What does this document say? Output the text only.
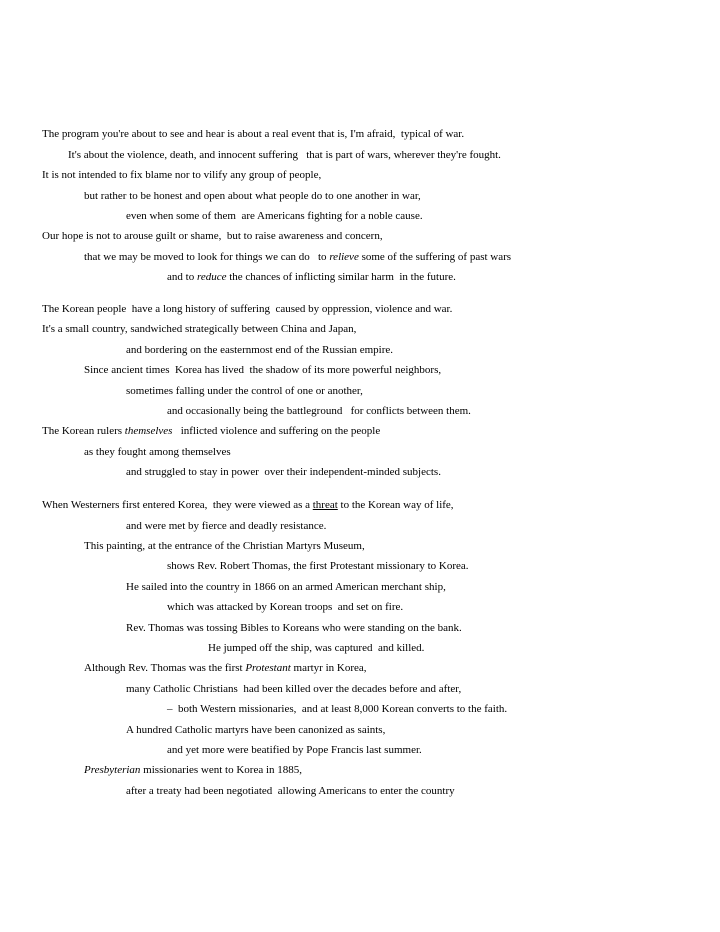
The program you're about to see and hear is about a real event that is, I'm afraid,  typical of war.
It's about the violence, death, and innocent suffering   that is part of wars, wherever they're fought.
It is not intended to fix blame nor to vilify any group of people,
but rather to be honest and open about what people do to one another in war,
even when some of them  are Americans fighting for a noble cause.
Our hope is not to arouse guilt or shame,  but to raise awareness and concern,
that we may be moved to look for things we can do   to relieve some of the suffering of past wars
and to reduce the chances of inflicting similar harm  in the future.
The Korean people  have a long history of suffering  caused by oppression, violence and war.
It's a small country, sandwiched strategically between China and Japan,
and bordering on the easternmost end of the Russian empire.
Since ancient times  Korea has lived  the shadow of its more powerful neighbors,
sometimes falling under the control of one or another,
and occasionally being the battleground   for conflicts between them.
The Korean rulers themselves   inflicted violence and suffering on the people
as they fought among themselves
and struggled to stay in power  over their independent-minded subjects.
When Westerners first entered Korea,  they were viewed as a threat to the Korean way of life,
and were met by fierce and deadly resistance.
This painting, at the entrance of the Christian Martyrs Museum,
shows Rev. Robert Thomas, the first Protestant missionary to Korea.
He sailed into the country in 1866 on an armed American merchant ship,
which was attacked by Korean troops  and set on fire.
Rev. Thomas was tossing Bibles to Koreans who were standing on the bank.
He jumped off the ship, was captured  and killed.
Although Rev. Thomas was the first Protestant martyr in Korea,
many Catholic Christians  had been killed over the decades before and after,
–  both Western missionaries,  and at least 8,000 Korean converts to the faith.
A hundred Catholic martyrs have been canonized as saints,
and yet more were beatified by Pope Francis last summer.
Presbyterian missionaries went to Korea in 1885,
after a treaty had been negotiated  allowing Americans to enter the country
